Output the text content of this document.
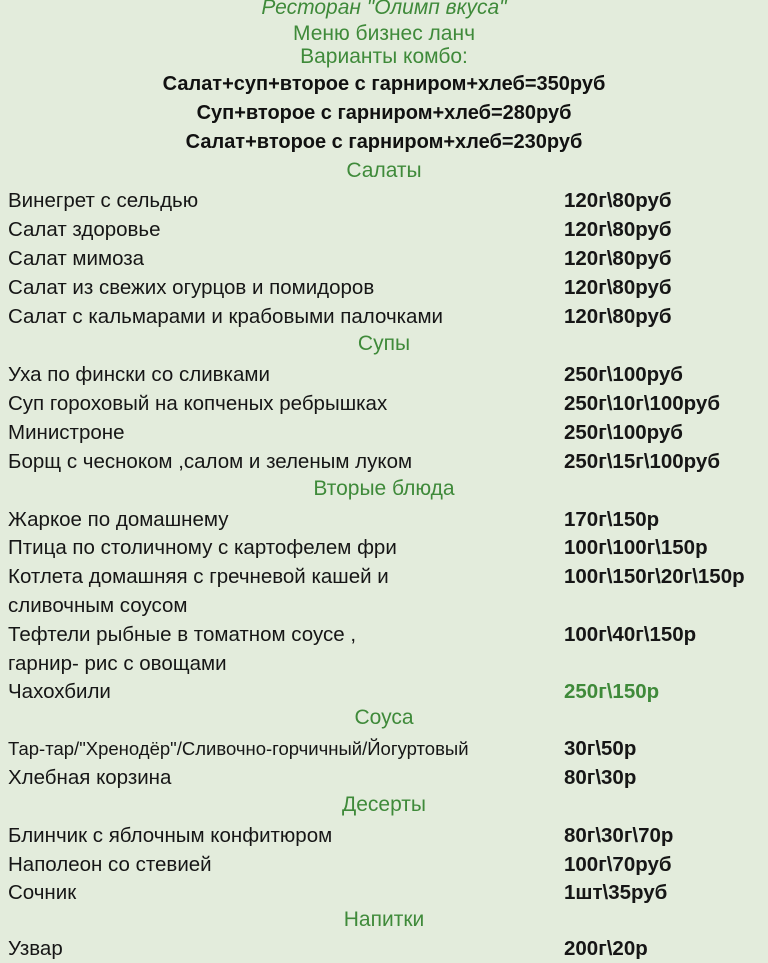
Ресторан "Олимп вкуса"
Меню бизнес ланч
Варианты комбо:
Салат+суп+второе с гарниром+хлеб=350руб
Суп+второе с гарниром+хлеб=280руб
Салат+второе с гарниром+хлеб=230руб
Салаты
Винегрет с сельдью	120г\80руб
Салат здоровье	120г\80руб
Салат мимоза	120г\80руб
Салат из свежих огурцов и помидоров	120г\80руб
Салат с кальмарами и крабовыми палочками	120г\80руб
Супы
Уха по фински со сливками	250г\100руб
Суп гороховый на копченых ребрышках	250г\10г\100руб
Министроне	250г\100руб
Борщ с чесноком ,салом и зеленым луком	250г\15г\100руб
Вторые блюда
Жаркое по домашнему	170г\150р
Птица по столичному с картофелем фри	100г\100г\150р
Котлета домашняя с гречневой кашей и	100г\150г\20г\150р
сливочным соусом
Тефтели рыбные в томатном соусе ,	100г\40г\150р
гарнир- рис с овощами
Чахохбили	250г\150р
Соуса
Тар-тар/"Хренодёр"/Сливочно-горчичный/Йогуртовый	30г\50р
Хлебная корзина	80г\30р
Десерты
Блинчик с яблочным конфитюром	80г\30г\70р
Наполеон со стевией	100г\70руб
Сочник	1шт\35руб
Напитки
Узвар	200г\20р
